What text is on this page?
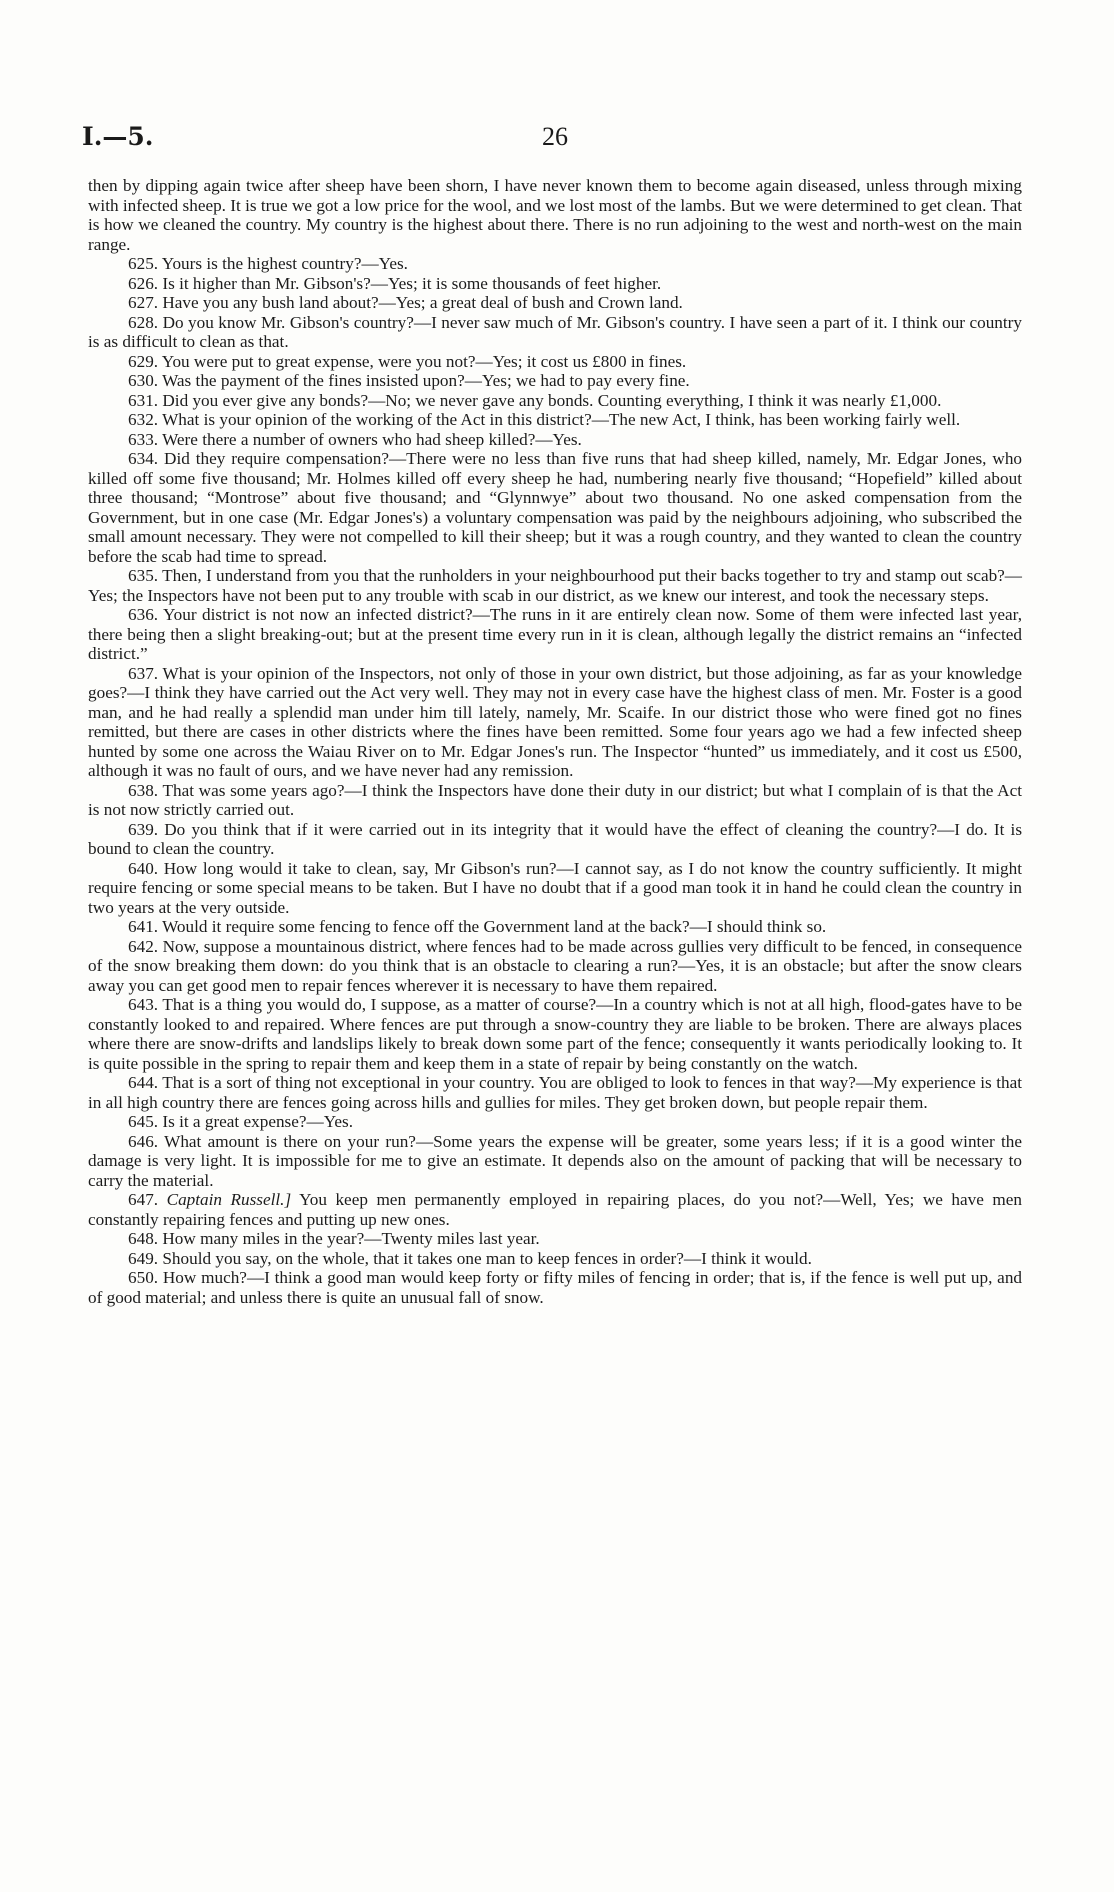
I.—5.	26

then by dipping again twice after sheep have been shorn, I have never known them to become again diseased, unless through mixing with infected sheep. It is true we got a low price for the wool, and we lost most of the lambs. But we were determined to get clean. That is how we cleaned the country. My country is the highest about there. There is no run adjoining to the west and north-west on the main range.

625. Yours is the highest country?—Yes.

626. Is it higher than Mr. Gibson's?—Yes; it is some thousands of feet higher.

627. Have you any bush land about?—Yes; a great deal of bush and Crown land.

628. Do you know Mr. Gibson's country?—I never saw much of Mr. Gibson's country. I have seen a part of it. I think our country is as difficult to clean as that.

629. You were put to great expense, were you not?—Yes; it cost us £800 in fines.

630. Was the payment of the fines insisted upon?—Yes; we had to pay every fine.

631. Did you ever give any bonds?—No; we never gave any bonds. Counting everything, I think it was nearly £1,000.

632. What is your opinion of the working of the Act in this district?—The new Act, I think, has been working fairly well.

633. Were there a number of owners who had sheep killed?—Yes.

634. Did they require compensation?—There were no less than five runs that had sheep killed, namely, Mr. Edgar Jones, who killed off some five thousand; Mr. Holmes killed off every sheep he had, numbering nearly five thousand; “Hopefield” killed about three thousand; “Montrose” about five thousand; and “Glynnwye” about two thousand. No one asked compensation from the Government, but in one case (Mr. Edgar Jones's) a voluntary compensation was paid by the neighbours adjoining, who subscribed the small amount necessary. They were not compelled to kill their sheep; but it was a rough country, and they wanted to clean the country before the scab had time to spread.

635. Then, I understand from you that the runholders in your neighbourhood put their backs together to try and stamp out scab?—Yes; the Inspectors have not been put to any trouble with scab in our district, as we knew our interest, and took the necessary steps.

636. Your district is not now an infected district?—The runs in it are entirely clean now. Some of them were infected last year, there being then a slight breaking-out; but at the present time every run in it is clean, although legally the district remains an “infected district.”

637. What is your opinion of the Inspectors, not only of those in your own district, but those adjoining, as far as your knowledge goes?—I think they have carried out the Act very well. They may not in every case have the highest class of men. Mr. Foster is a good man, and he had really a splendid man under him till lately, namely, Mr. Scaife. In our district those who were fined got no fines remitted, but there are cases in other districts where the fines have been remitted. Some four years ago we had a few infected sheep hunted by some one across the Waiau River on to Mr. Edgar Jones's run. The Inspector “hunted” us immediately, and it cost us £500, although it was no fault of ours, and we have never had any remission.

638. That was some years ago?—I think the Inspectors have done their duty in our district; but what I complain of is that the Act is not now strictly carried out.

639. Do you think that if it were carried out in its integrity that it would have the effect of cleaning the country?—I do. It is bound to clean the country.

640. How long would it take to clean, say, Mr Gibson's run?—I cannot say, as I do not know the country sufficiently. It might require fencing or some special means to be taken. But I have no doubt that if a good man took it in hand he could clean the country in two years at the very outside.

641. Would it require some fencing to fence off the Government land at the back?—I should think so.

642. Now, suppose a mountainous district, where fences had to be made across gullies very difficult to be fenced, in consequence of the snow breaking them down: do you think that is an obstacle to clearing a run?—Yes, it is an obstacle; but after the snow clears away you can get good men to repair fences wherever it is necessary to have them repaired.

643. That is a thing you would do, I suppose, as a matter of course?—In a country which is not at all high, flood-gates have to be constantly looked to and repaired. Where fences are put through a snow-country they are liable to be broken. There are always places where there are snow-drifts and landslips likely to break down some part of the fence; consequently it wants periodically looking to. It is quite possible in the spring to repair them and keep them in a state of repair by being constantly on the watch.

644. That is a sort of thing not exceptional in your country. You are obliged to look to fences in that way?—My experience is that in all high country there are fences going across hills and gullies for miles. They get broken down, but people repair them.

645. Is it a great expense?—Yes.

646. What amount is there on your run?—Some years the expense will be greater, some years less; if it is a good winter the damage is very light. It is impossible for me to give an estimate. It depends also on the amount of packing that will be necessary to carry the material.

647. Captain Russell.] You keep men permanently employed in repairing places, do you not?—Well, Yes; we have men constantly repairing fences and putting up new ones.

648. How many miles in the year?—Twenty miles last year.

649. Should you say, on the whole, that it takes one man to keep fences in order?—I think it would.

650. How much?—I think a good man would keep forty or fifty miles of fencing in order; that is, if the fence is well put up, and of good material; and unless there is quite an unusual fall of snow.
